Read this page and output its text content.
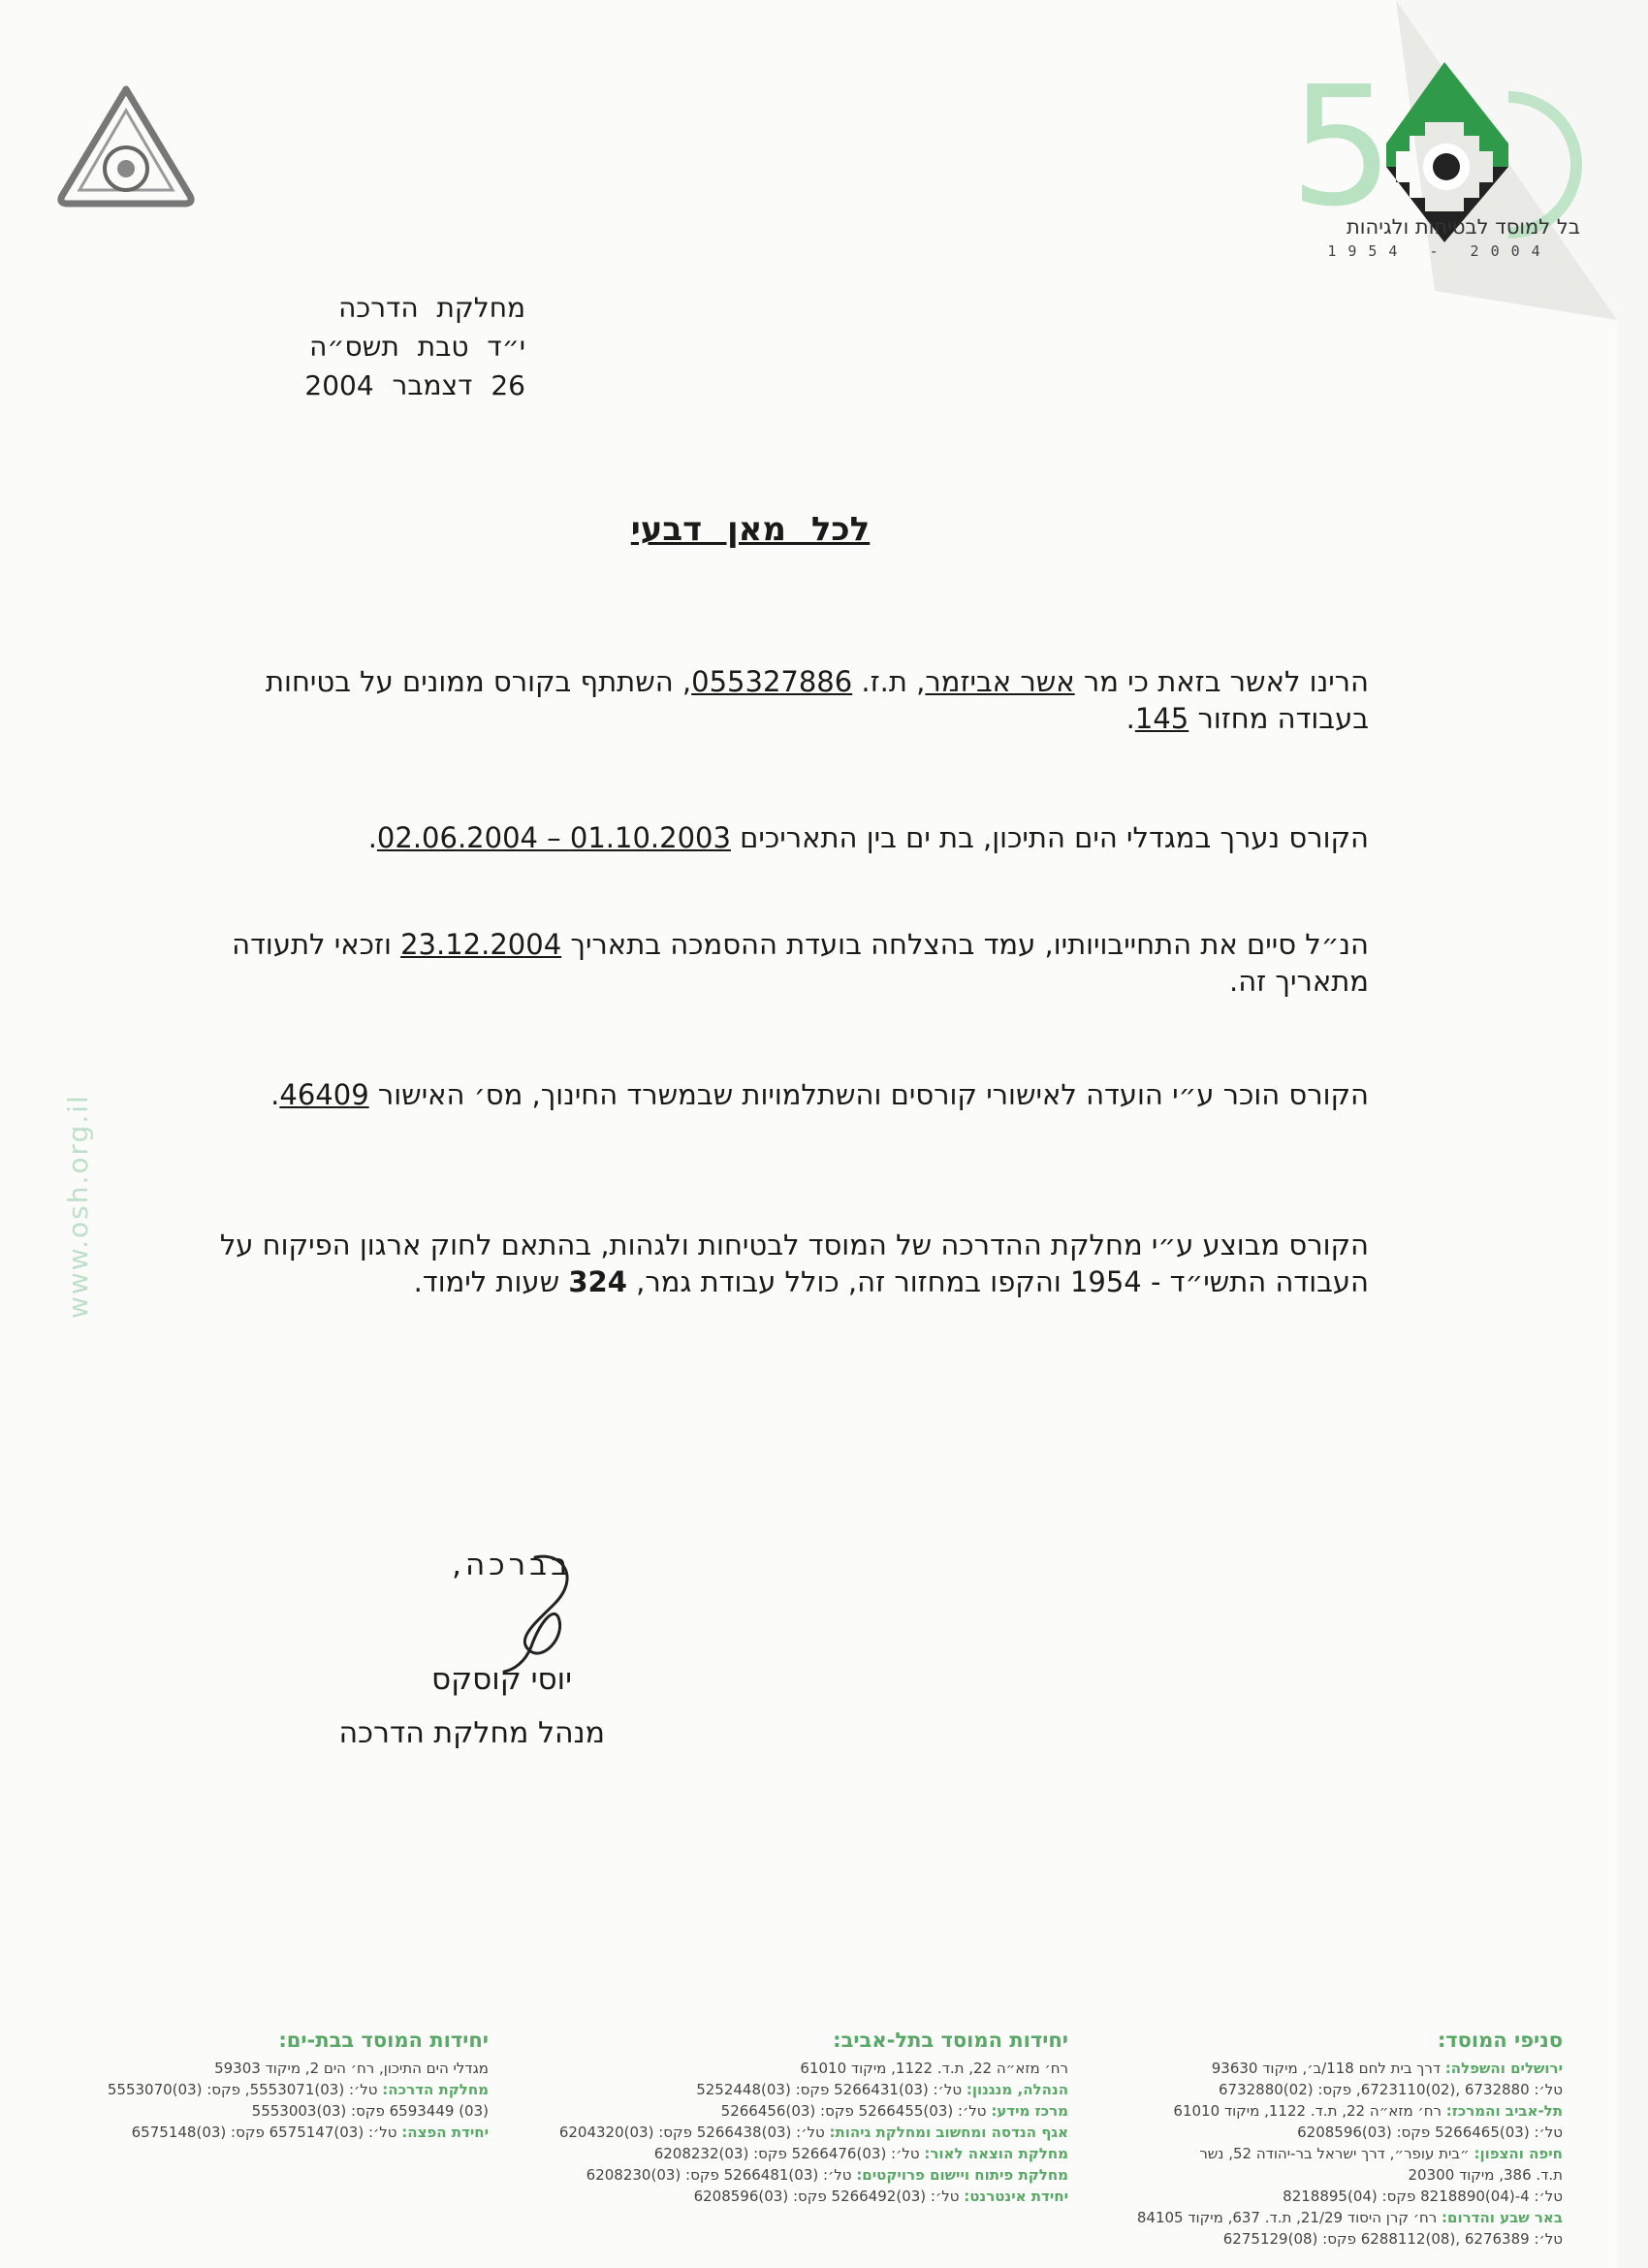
5
בל למוסד לבטיחות ולגיהות
1954 - 2004
מחלקת הדרכה
י״ד טבת תשס״ה
26 דצמבר 2004
לכל מאן דבעי
הרינו לאשר בזאת כי מר אשר אביזמר, ת.ז. 055327886, השתתף בקורס ממונים על בטיחות בעבודה מחזור 145.
הקורס נערך במגדלי הים התיכון, בת ים בין התאריכים 01.10.2003 – 02.06.2004.
הנ״ל סיים את התחייבויותיו, עמד בהצלחה בועדת ההסמכה בתאריך 23.12.2004 וזכאי לתעודה מתאריך זה.
הקורס הוכר ע״י הועדה לאישורי קורסים והשתלמויות שבמשרד החינוך, מס׳ האישור 46409.
הקורס מבוצע ע״י מחלקת ההדרכה של המוסד לבטיחות ולגהות, בהתאם לחוק ארגון הפיקוח על העבודה התשי״ד - 1954 והקפו במחזור זה, כולל עבודת גמר, 324 שעות לימוד.
בברכה,
יוסי קוסקס
מנהל מחלקת הדרכה
www.osh.org.il
סניפי המוסד:
ירושלים והשפלה: דרך בית לחם 118/ב׳, מיקוד 93630
טל׳: 6732880 ,(02)6723110, פקס: (02)6732880
תל-אביב והמרכז: רח׳ מזא״ה 22, ת.ד. 1122, מיקוד 61010
טל׳: (03)5266465 פקס: (03)6208596
חיפה והצפון: ״בית עופר״, דרך ישראל בר-יהודה 52, נשר
ת.ד. 386, מיקוד 20300
טל׳: 4-(04)8218890 פקס: (04)8218895
באר שבע והדרום: רח׳ קרן היסוד 21/29, ת.ד. 637, מיקוד 84105
טל׳: 6276389 ,(08)6288112 פקס: (08)6275129
יחידות המוסד בתל-אביב:
רח׳ מזא״ה 22, ת.ד. 1122, מיקוד 61010
הנהלה, מנגנון: טל׳: (03)5266431 פקס: (03)5252448
מרכז מידע: טל׳: (03)5266455 פקס: (03)5266456
אגף הנדסה ומחשוב ומחלקת גיהות: טל׳: (03)5266438 פקס: (03)6204320
מחלקת הוצאה לאור: טל׳: (03)5266476 פקס: (03)6208232
מחלקת פיתוח ויישום פרויקטים: טל׳: (03)5266481 פקס: (03)6208230
יחידת אינטרנט: טל׳: (03)5266492 פקס: (03)6208596
יחידות המוסד בבת-ים:
מגדלי הים התיכון, רח׳ הים 2, מיקוד 59303
מחלקת הדרכה: טל׳: (03)5553071, פקס: (03)5553070
(03) 6593449 פקס: (03)5553003
יחידת הפצה: טל׳: (03)6575147 פקס: (03)6575148
